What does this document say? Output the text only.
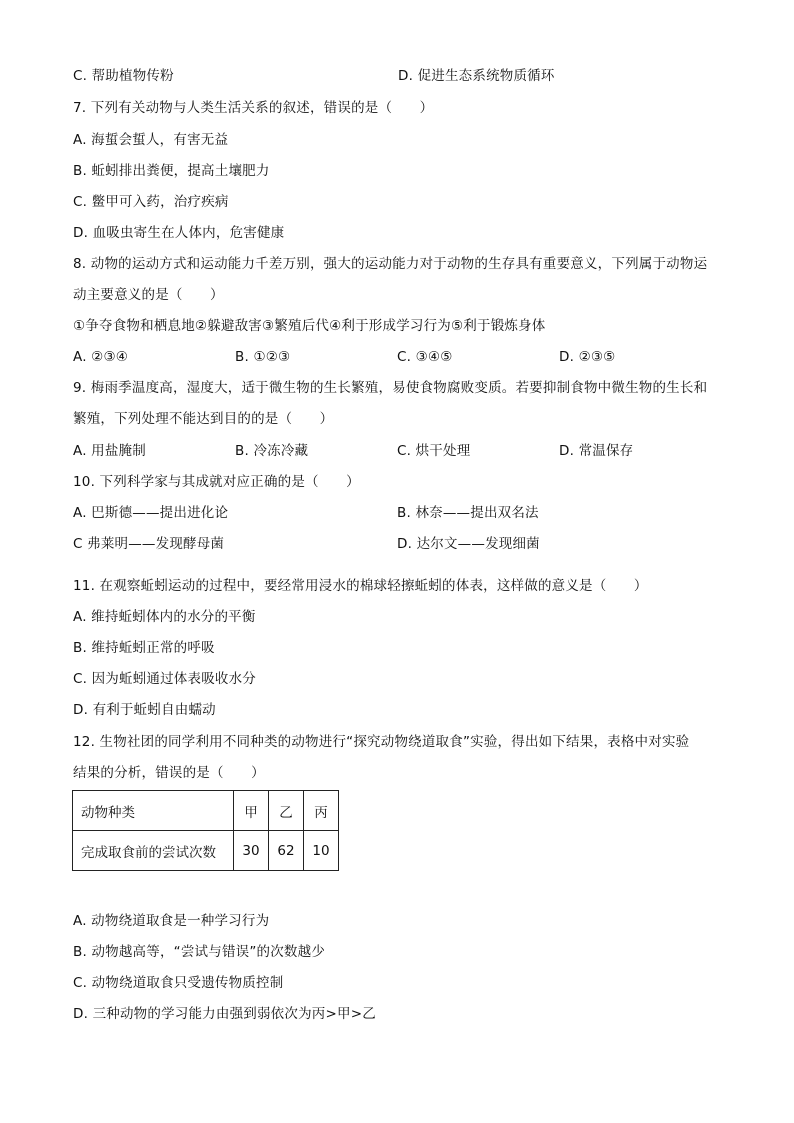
C. 帮助植物传粉	D. 促进生态系统物质循环
7. 下列有关动物与人类生活关系的叙述，错误的是（　　）
A. 海蜇会蜇人，有害无益
B. 蚯蚓排出粪便，提高土壤肥力
C. 鳖甲可入药，治疗疾病
D. 血吸虫寄生在人体内，危害健康
8. 动物的运动方式和运动能力千差万别，强大的运动能力对于动物的生存具有重要意义，下列属于动物运
动主要意义的是（　　）
①争夺食物和栖息地②躲避敌害③繁殖后代④利于形成学习行为⑤利于锻炼身体
A. ②③④	B. ①②③	C. ③④⑤	D. ②③⑤
9. 梅雨季温度高，湿度大，适于微生物的生长繁殖，易使食物腐败变质。若要抑制食物中微生物的生长和
繁殖，下列处理不能达到目的的是（　　）
A. 用盐腌制	B. 冷冻冷藏	C. 烘干处理	D. 常温保存
10. 下列科学家与其成就对应正确的是（　　）
A. 巴斯德——提出进化论	B. 林奈——提出双名法
C 弗莱明——发现酵母菌	D. 达尔文——发现细菌
11. 在观察蚯蚓运动的过程中，要经常用浸水的棉球轻擦蚯蚓的体表，这样做的意义是（　　）
A. 维持蚯蚓体内的水分的平衡
B. 维持蚯蚓正常的呼吸
C. 因为蚯蚓通过体表吸收水分
D. 有利于蚯蚓自由蠕动
12. 生物社团的同学利用不同种类的动物进行“探究动物绕道取食”实验，得出如下结果，表格中对实验
结果的分析，错误的是（　　）
动物种类	甲	乙	丙
完成取食前的尝试次数	30	62	10
A. 动物绕道取食是一种学习行为
B. 动物越高等，“尝试与错误”的次数越少
C. 动物绕道取食只受遗传物质控制
D. 三种动物的学习能力由强到弱依次为丙>甲>乙
